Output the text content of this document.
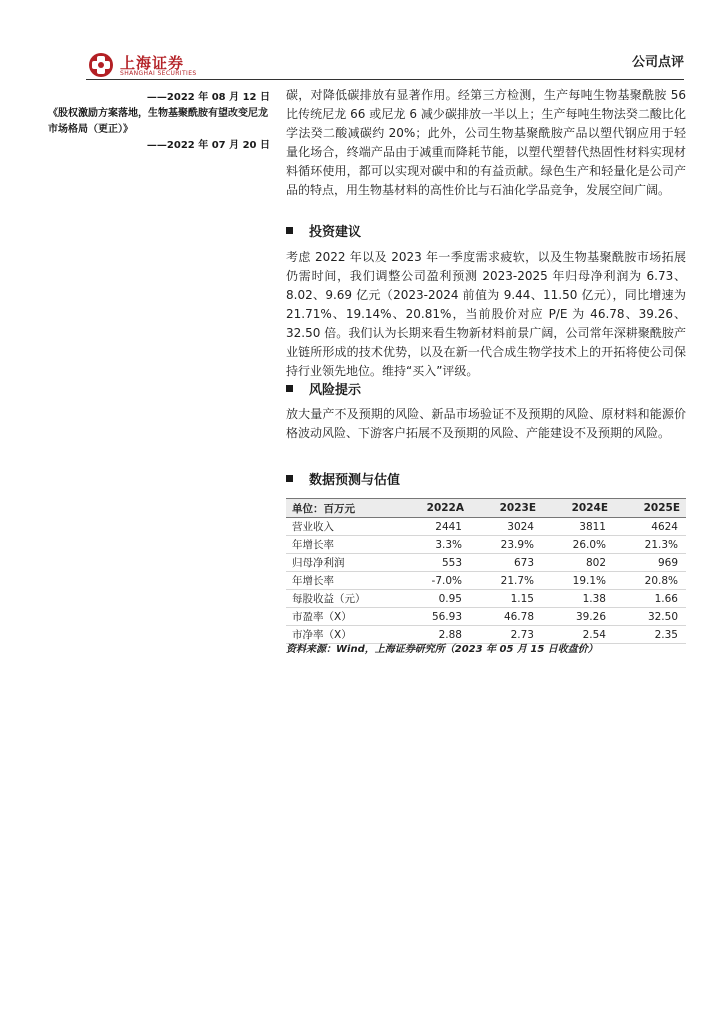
上海证券
SHANGHAI SECURITIES
公司点评
——2022 年 08 月 12 日
《股权激励方案落地，生物基聚酰胺有望改变尼龙市场格局（更正）》
——2022 年 07 月 20 日

碳，对降低碳排放有显著作用。经第三方检测，生产每吨生物基聚酰胺 56 比传统尼龙 66 或尼龙 6 减少碳排放一半以上；生产每吨生物法癸二酸比化学法癸二酸减碳约 20%；此外，公司生物基聚酰胺产品以塑代钢应用于轻量化场合，终端产品由于减重而降耗节能，以塑代塑替代热固性材料实现材料循环使用，都可以实现对碳中和的有益贡献。绿色生产和轻量化是公司产品的特点，用生物基材料的高性价比与石油化学品竞争，发展空间广阔。

投资建议

考虑 2022 年以及 2023 年一季度需求疲软，以及生物基聚酰胺市场拓展仍需时间，我们调整公司盈利预测 2023-2025 年归母净利润为 6.73、8.02、9.69 亿元（2023-2024 前值为 9.44、11.50 亿元），同比增速为 21.71%、19.14%、20.81%，当前股价对应 P/E 为 46.78、39.26、32.50 倍。我们认为长期来看生物新材料前景广阔，公司常年深耕聚酰胺产业链所形成的技术优势，以及在新一代合成生物学技术上的开拓将使公司保持行业领先地位。维持“买入”评级。

风险提示

放大量产不及预期的风险、新品市场验证不及预期的风险、原材料和能源价格波动风险、下游客户拓展不及预期的风险、产能建设不及预期的风险。

数据预测与估值
单位：百万元	2022A	2023E	2024E	2025E
营业收入	2441	3024	3811	4624
年增长率	3.3%	23.9%	26.0%	21.3%
归母净利润	553	673	802	969
年增长率	-7.0%	21.7%	19.1%	20.8%
每股收益（元）	0.95	1.15	1.38	1.66
市盈率（X）	56.93	46.78	39.26	32.50
市净率（X）	2.88	2.73	2.54	2.35
资料来源：Wind，上海证券研究所（2023 年 05 月 15 日收盘价）
